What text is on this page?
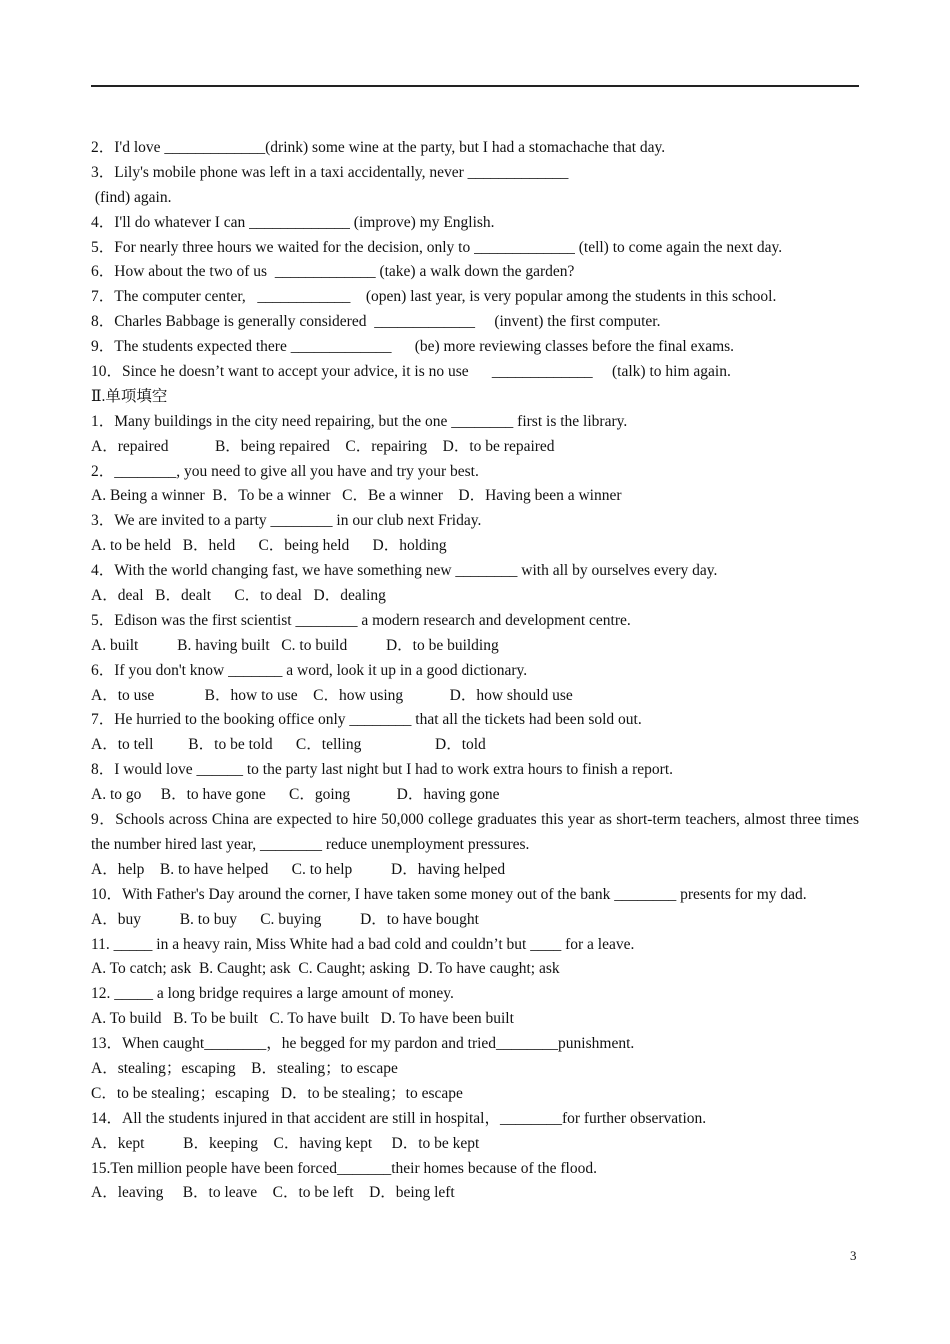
2．I'd love _____________(drink) some wine at the party, but I had a stomachache that day.
3．Lily's mobile phone was left in a taxi accidentally, never _____________
(find) again.
4．I'll do whatever I can _____________ (improve) my English.
5．For nearly three hours we waited for the decision, only to _____________ (tell) to come again the next day.
6．How about the two of us  _____________ (take) a walk down the garden?
7．The computer center,   ____________    (open) last year, is very popular among the students in this school.
8．Charles Babbage is generally considered  _____________     (invent) the first computer.
9．The students expected there _____________      (be) more reviewing classes before the final exams.
10．Since he doesn’t want to accept your advice, it is no use      _____________     (talk) to him again.
Ⅱ.单项填空
1．Many buildings in the city need repairing, but the one ________ first is the library.
A．repaired            B．being repaired    C．repairing    D．to be repaired
2．________, you need to give all you have and try your best.
A. Being a winner  B．To be a winner   C．Be a winner    D．Having been a winner
3．We are invited to a party ________ in our club next Friday.
A. to be held   B．held      C．being held      D．holding
4．With the world changing fast, we have something new ________ with all by ourselves every day.
A．deal   B．dealt      C．to deal   D．dealing
5．Edison was the first scientist ________ a modern research and development centre.
A. built          B. having built   C. to build          D．to be building
6．If you don't know _______ a word, look it up in a good dictionary.
A．to use             B．how to use    C．how using            D．how should use
7．He hurried to the booking office only ________ that all the tickets had been sold out.
A．to tell         B．to be told      C．telling                   D．told
8．I would love ______ to the party last night but I had to work extra hours to finish a report.
A. to go     B．to have gone      C．going            D．having gone
9．Schools across China are expected to hire 50,000 college graduates this year as short-term teachers, almost three times the number hired last year, ________ reduce unemployment pressures.
A．help    B. to have helped      C. to help          D．having helped
10．With Father's Day around the corner, I have taken some money out of the bank ________ presents for my dad.
A．buy          B. to buy      C. buying          D．to have bought
11. _____ in a heavy rain, Miss White had a bad cold and couldn’t but ____ for a leave.
A. To catch; ask  B. Caught; ask  C. Caught; asking  D. To have caught; ask
12. _____ a long bridge requires a large amount of money.
A. To build   B. To be built   C. To have built   D. To have been built
13．When caught________，he begged for my pardon and tried________punishment.
A．stealing；escaping    B．stealing；to escape
C．to be stealing；escaping   D．to be stealing；to escape
14．All the students injured in that accident are still in hospital，________for further observation.
A．kept          B．keeping    C．having kept     D．to be kept
15.Ten million people have been forced_______their homes because of the flood.
A．leaving     B．to leave    C．to be left    D．being left
3
